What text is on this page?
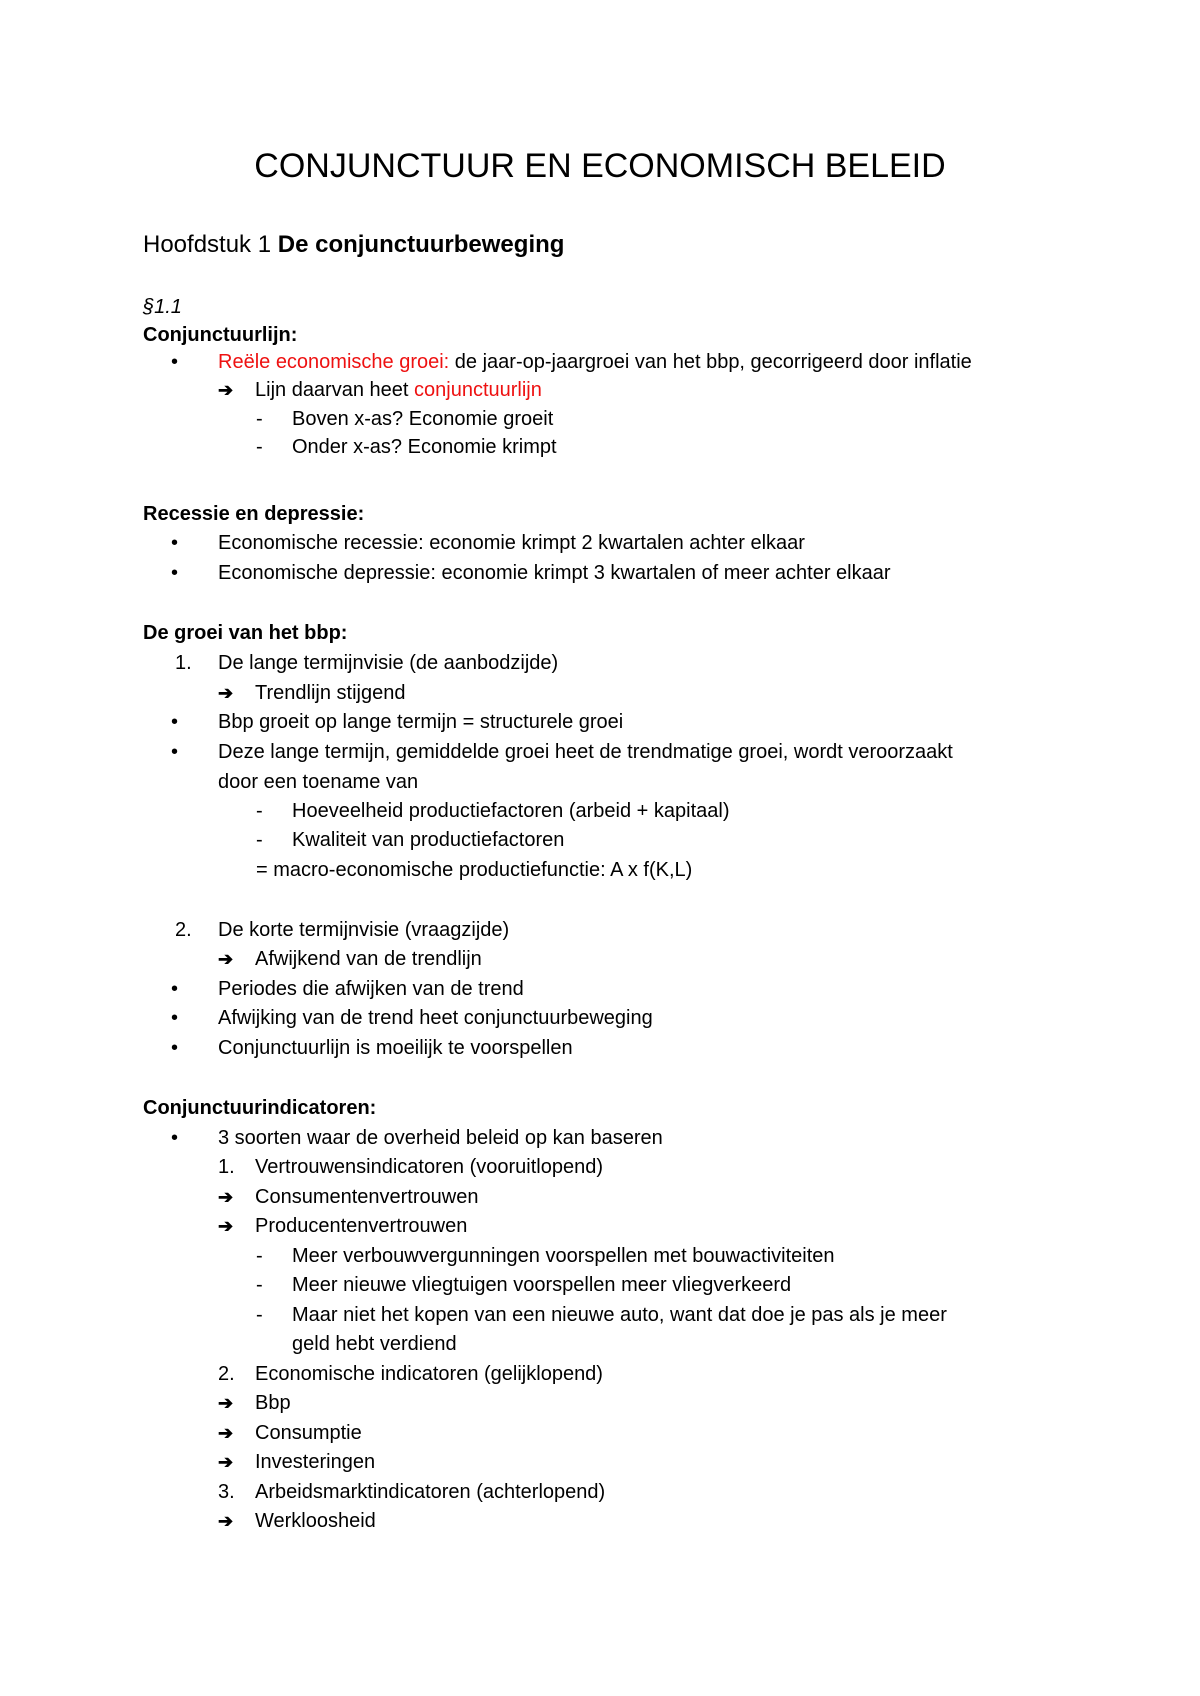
CONJUNCTUUR EN ECONOMISCH BELEID
Hoofdstuk 1 De conjunctuurbeweging
§1.1
Conjunctuurlijn:
• Reële economische groei: de jaar-op-jaargroei van het bbp, gecorrigeerd door inflatie
➔ Lijn daarvan heet conjunctuurlijn
- Boven x-as? Economie groeit
- Onder x-as? Economie krimpt
Recessie en depressie:
• Economische recessie: economie krimpt 2 kwartalen achter elkaar
• Economische depressie: economie krimpt 3 kwartalen of meer achter elkaar
De groei van het bbp:
1. De lange termijnvisie (de aanbodzijde)
➔ Trendlijn stijgend
• Bbp groeit op lange termijn = structurele groei
• Deze lange termijn, gemiddelde groei heet de trendmatige groei, wordt veroorzaakt
door een toename van
- Hoeveelheid productiefactoren (arbeid + kapitaal)
- Kwaliteit van productiefactoren
= macro-economische productiefunctie: A x f(K,L)
2. De korte termijnvisie (vraagzijde)
➔ Afwijkend van de trendlijn
• Periodes die afwijken van de trend
• Afwijking van de trend heet conjunctuurbeweging
• Conjunctuurlijn is moeilijk te voorspellen
Conjunctuurindicatoren:
• 3 soorten waar de overheid beleid op kan baseren
1. Vertrouwensindicatoren (vooruitlopend)
➔ Consumentenvertrouwen
➔ Producentenvertrouwen
- Meer verbouwvergunningen voorspellen met bouwactiviteiten
- Meer nieuwe vliegtuigen voorspellen meer vliegverkeerd
- Maar niet het kopen van een nieuwe auto, want dat doe je pas als je meer
geld hebt verdiend
2. Economische indicatoren (gelijklopend)
➔ Bbp
➔ Consumptie
➔ Investeringen
3. Arbeidsmarktindicatoren (achterlopend)
➔ Werkloosheid
